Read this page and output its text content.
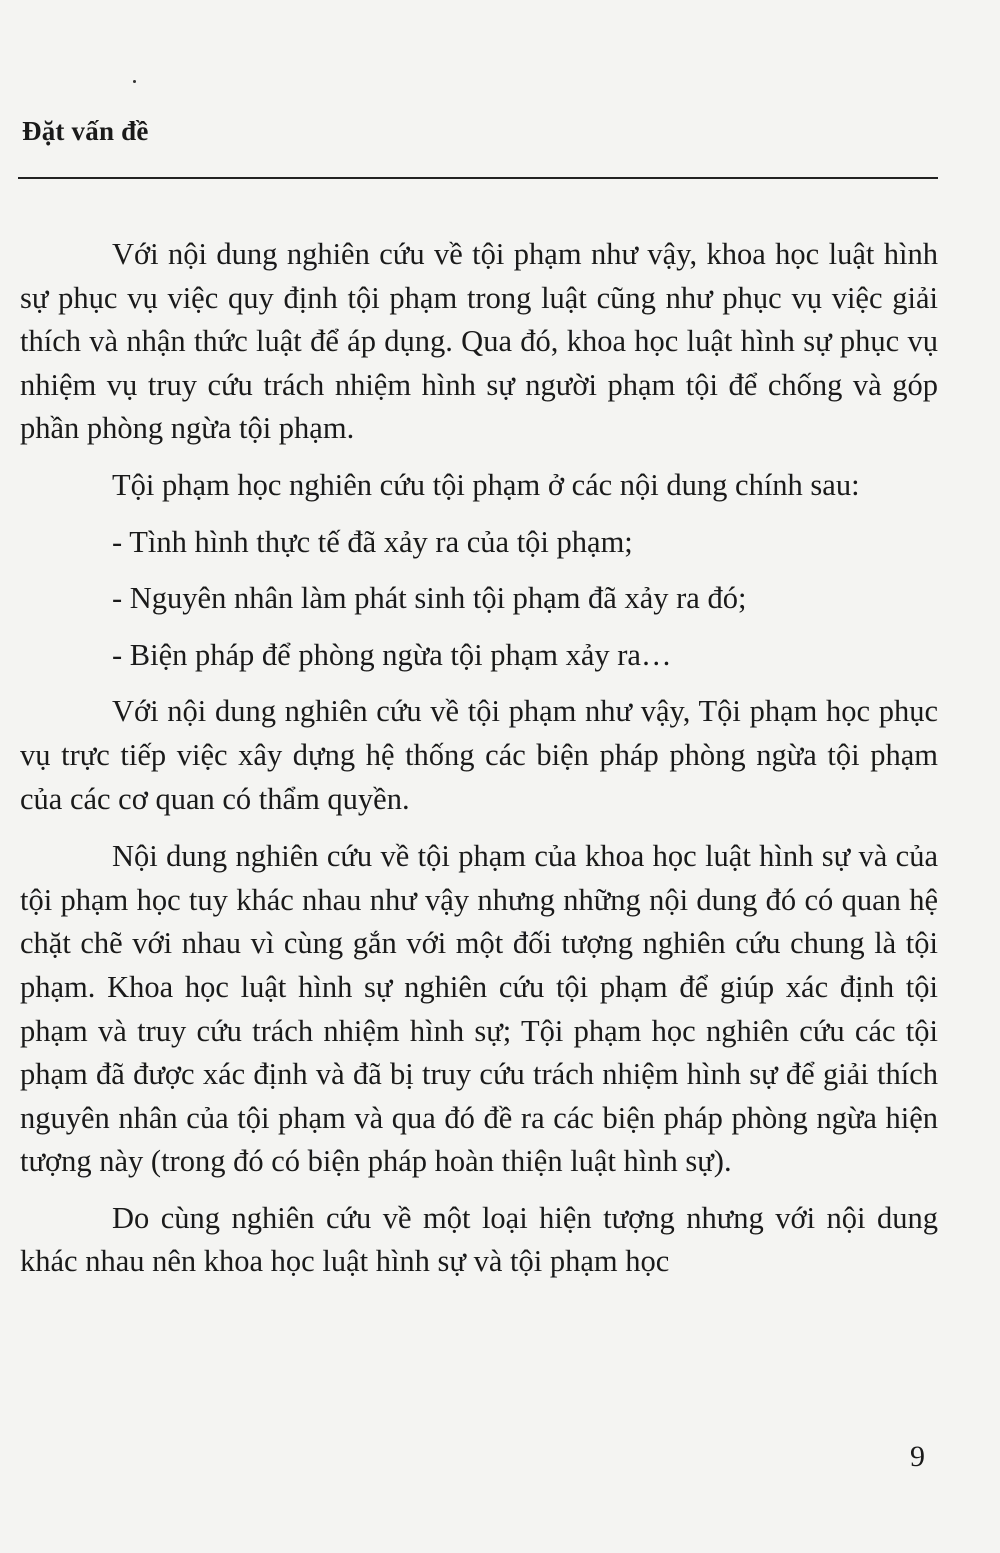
Đặt vấn đề

Với nội dung nghiên cứu về tội phạm như vậy, khoa học luật hình sự phục vụ việc quy định tội phạm trong luật cũng như phục vụ việc giải thích và nhận thức luật để áp dụng. Qua đó, khoa học luật hình sự phục vụ nhiệm vụ truy cứu trách nhiệm hình sự người phạm tội để chống và góp phần phòng ngừa tội phạm.

Tội phạm học nghiên cứu tội phạm ở các nội dung chính sau:

- Tình hình thực tế đã xảy ra của tội phạm;

- Nguyên nhân làm phát sinh tội phạm đã xảy ra đó;

- Biện pháp để phòng ngừa tội phạm xảy ra…

Với nội dung nghiên cứu về tội phạm như vậy, Tội phạm học phục vụ trực tiếp việc xây dựng hệ thống các biện pháp phòng ngừa tội phạm của các cơ quan có thẩm quyền.

Nội dung nghiên cứu về tội phạm của khoa học luật hình sự và của tội phạm học tuy khác nhau như vậy nhưng những nội dung đó có quan hệ chặt chẽ với nhau vì cùng gắn với một đối tượng nghiên cứu chung là tội phạm. Khoa học luật hình sự nghiên cứu tội phạm để giúp xác định tội phạm và truy cứu trách nhiệm hình sự; Tội phạm học nghiên cứu các tội phạm đã được xác định và đã bị truy cứu trách nhiệm hình sự để giải thích nguyên nhân của tội phạm và qua đó đề ra các biện pháp phòng ngừa hiện tượng này (trong đó có biện pháp hoàn thiện luật hình sự).

Do cùng nghiên cứu về một loại hiện tượng nhưng với nội dung khác nhau nên khoa học luật hình sự và tội phạm học

9
